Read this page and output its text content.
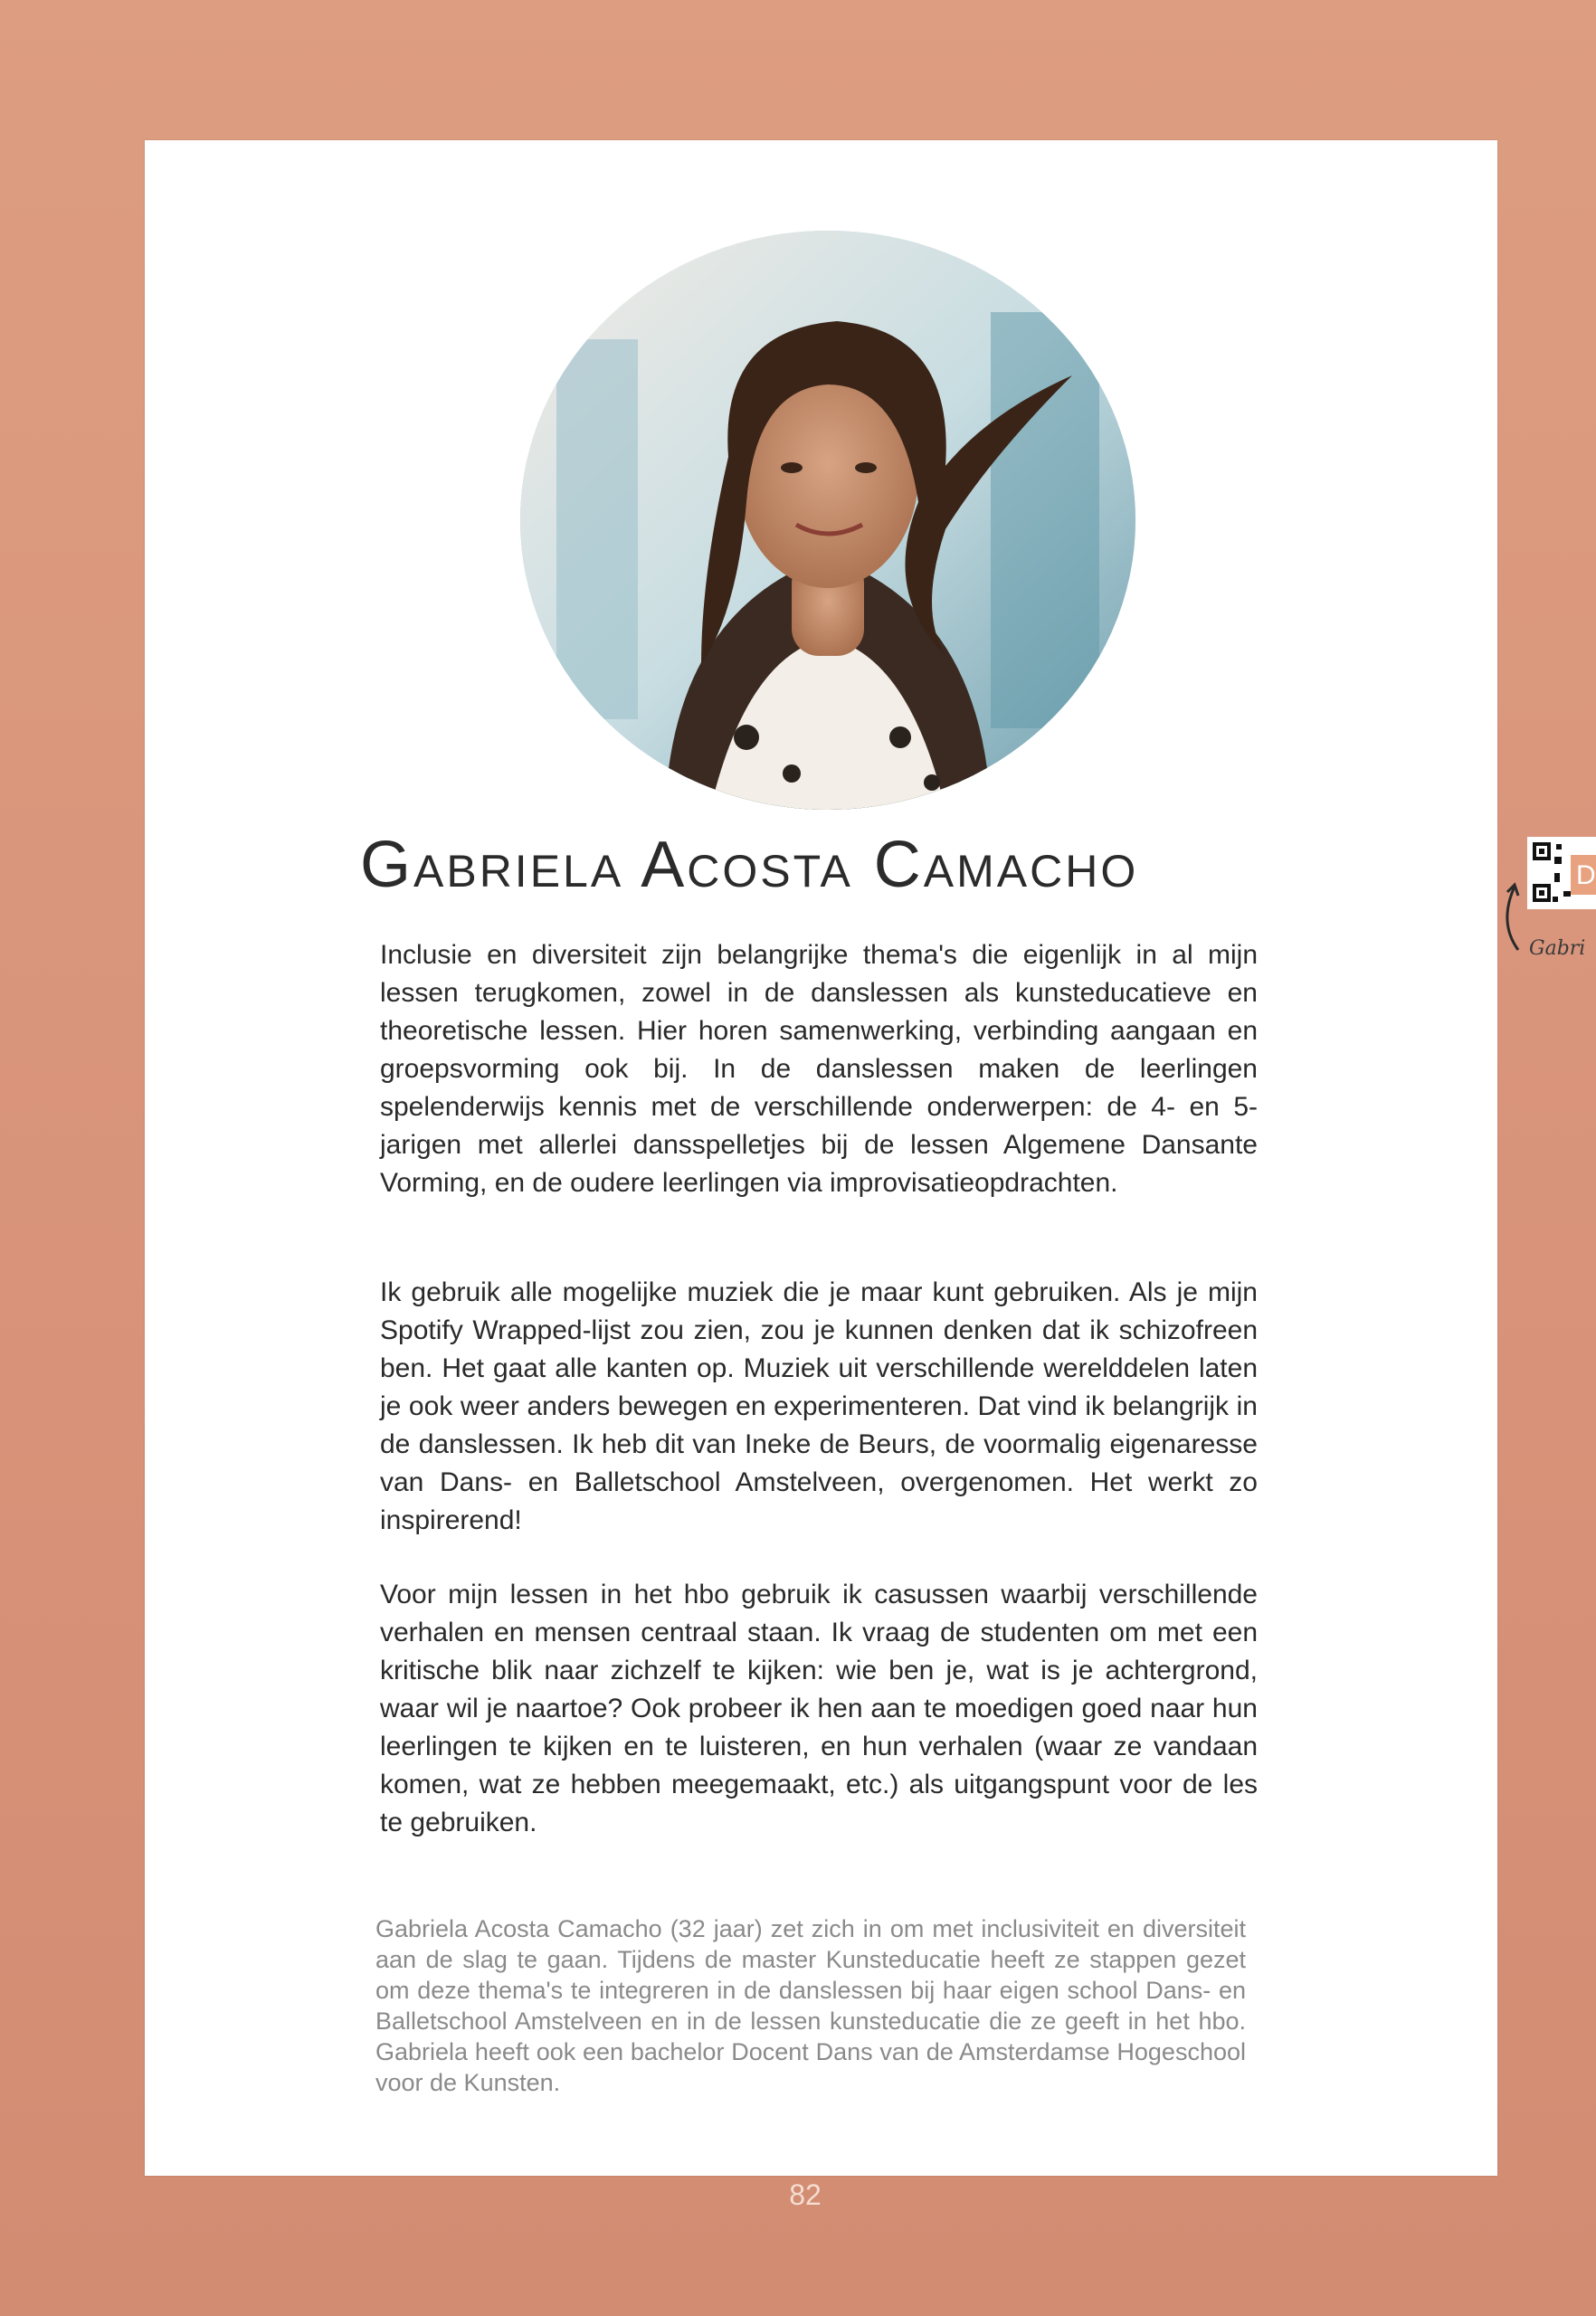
Gabriela Acosta Camacho

Inclusie en diversiteit zijn belangrijke thema's die eigenlijk in al mijn lessen terugkomen, zowel in de danslessen als kunsteducatieve en theoretische lessen. Hier horen samenwerking, verbinding aangaan en groepsvorming ook bij. In de danslessen maken de leerlingen spelenderwijs kennis met de verschillende onderwerpen: de 4- en 5-jarigen met allerlei dansspelletjes bij de lessen Algemene Dansante Vorming, en de oudere leerlingen via improvisatieopdrachten.

Ik gebruik alle mogelijke muziek die je maar kunt gebruiken. Als je mijn Spotify Wrapped-lijst zou zien, zou je kunnen denken dat ik schizofreen ben. Het gaat alle kanten op. Muziek uit verschillende werelddelen laten je ook weer anders bewegen en experimenteren. Dat vind ik belangrijk in de danslessen. Ik heb dit van Ineke de Beurs, de voormalig eigenaresse van Dans- en Balletschool Amstelveen, overgenomen. Het werkt zo inspirerend!

Voor mijn lessen in het hbo gebruik ik casussen waarbij verschillende verhalen en mensen centraal staan. Ik vraag de studenten om met een kritische blik naar zichzelf te kijken: wie ben je, wat is je achtergrond, waar wil je naartoe? Ook probeer ik hen aan te moedigen goed naar hun leerlingen te kijken en te luisteren, en hun verhalen (waar ze vandaan komen, wat ze hebben meegemaakt, etc.) als uitgangspunt voor de les te gebruiken.

Gabriela Acosta Camacho (32 jaar) zet zich in om met inclusiviteit en diversiteit aan de slag te gaan. Tijdens de master Kunsteducatie heeft ze stappen gezet om deze thema's te integreren in de danslessen bij haar eigen school Dans- en Balletschool Amstelveen en in de lessen kunsteducatie die ze geeft in het hbo. Gabriela heeft ook een bachelor Docent Dans van de Amsterdamse Hogeschool voor de Kunsten.

82
D
Gabri
